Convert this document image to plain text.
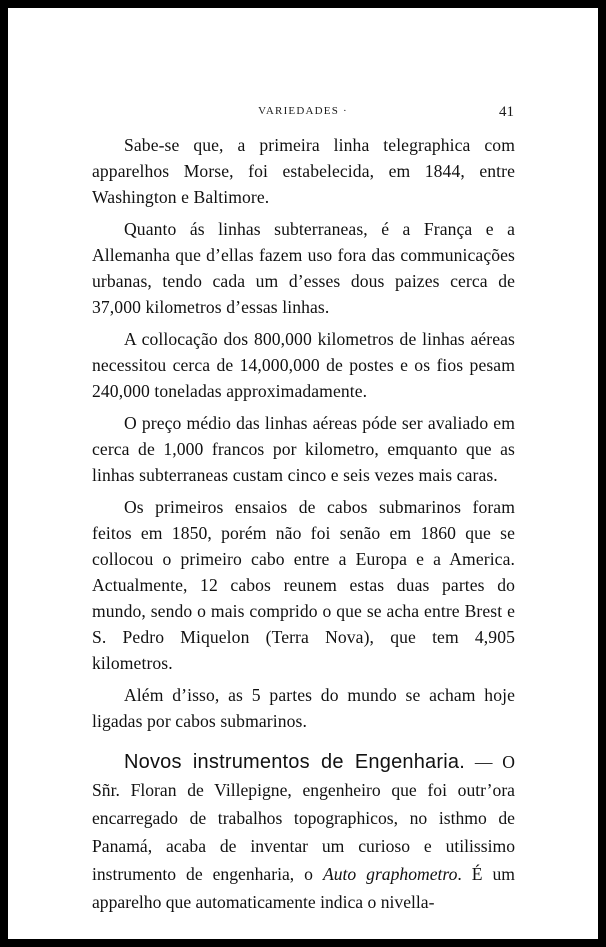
VARIEDADES ·	41

Sabe-se que, a primeira linha telegraphica com apparelhos Morse, foi estabelecida, em 1844, entre Washington e Baltimore.

Quanto ás linhas subterraneas, é a França e a Allemanha que d’ellas fazem uso fora das communicações urbanas, tendo cada um d’esses dous paizes cerca de 37,000 kilometros d’essas linhas.

A collocação dos 800,000 kilometros de linhas aéreas necessitou cerca de 14,000,000 de postes e os fios pesam 240,000 toneladas approximadamente.

O preço médio das linhas aéreas póde ser avaliado em cerca de 1,000 francos por kilometro, emquanto que as linhas subterraneas custam cinco e seis vezes mais caras.

Os primeiros ensaios de cabos submarinos foram feitos em 1850, porém não foi senão em 1860 que se collocou o primeiro cabo entre a Europa e a America. Actualmente, 12 cabos reunem estas duas partes do mundo, sendo o mais comprido o que se acha entre Brest e S. Pedro Miquelon (Terra Nova), que tem 4,905 kilometros.

Além d’isso, as 5 partes do mundo se acham hoje ligadas por cabos submarinos.

Novos instrumentos de Engenharia. — O Sñr. Floran de Villepigne, engenheiro que foi outr’ora encarregado de trabalhos topographicos, no isthmo de Panamá, acaba de inventar um curioso e utilissimo instrumento de engenharia, o Auto graphometro. É um apparelho que automaticamente indica o nivella-
